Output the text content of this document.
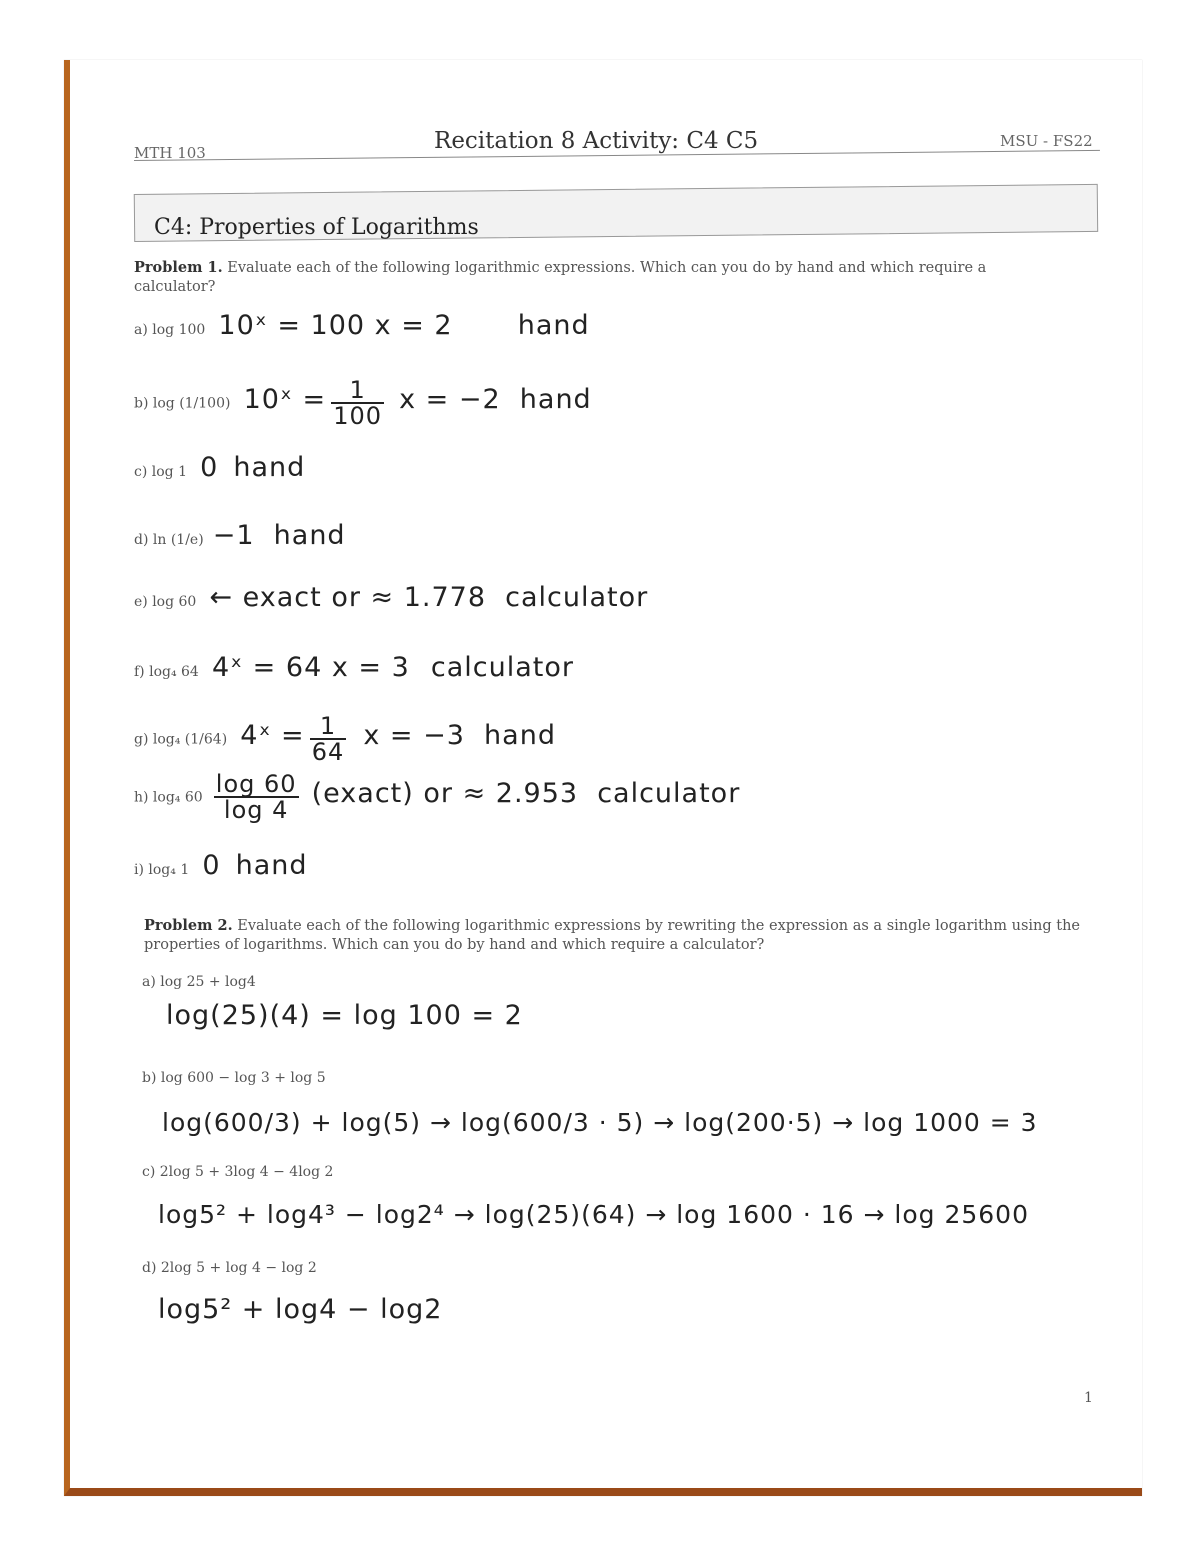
MTH 103	Recitation 8 Activity: C4 C5	MSU - FS22
C4: Properties of Logarithms
Problem 1. Evaluate each of the following logarithmic expressions. Which can you do by hand and which require a calculator?
a) log 100 10ˣ = 100 x = 2 hand
b) log (1/100) 10ˣ = $\frac{1}{100}$ x = −2 hand
c) log 1 0 hand
d) ln (1/e) −1 hand
e) log 60 ← exact or ≈ 1.778 calculator
f) log₄ 64 4ˣ = 64 x = 3 calculator
g) log₄ (1/64) 4ˣ = $\frac{1}{64}$ x = −3 hand
h) log₄ $60 \frac{\log 60}{\log 4}$ (exact) or ≈ 2.953 calculator
i) log₄ 1 0 hand
Problem 2. Evaluate each of the following logarithmic expressions by rewriting the expression as a single logarithm using the properties of logarithms. Which can you do by hand and which require a calculator?
a) log 25 + log4
log(25)(4) = log 100 = 2
b) log 600 − log 3 + log 5
log(600/3) + log(5) → log(600/3 · 5) → log(200·5) → log 1000 = 3
c) 2log 5 + 3log 4 − 4log 2
log5² + log4³ − log2⁴ → log(25)(64) → log 1600 · 16 → log 25600
d) 2log 5 + log 4 − log 2
log5² + log4 − log2
1
